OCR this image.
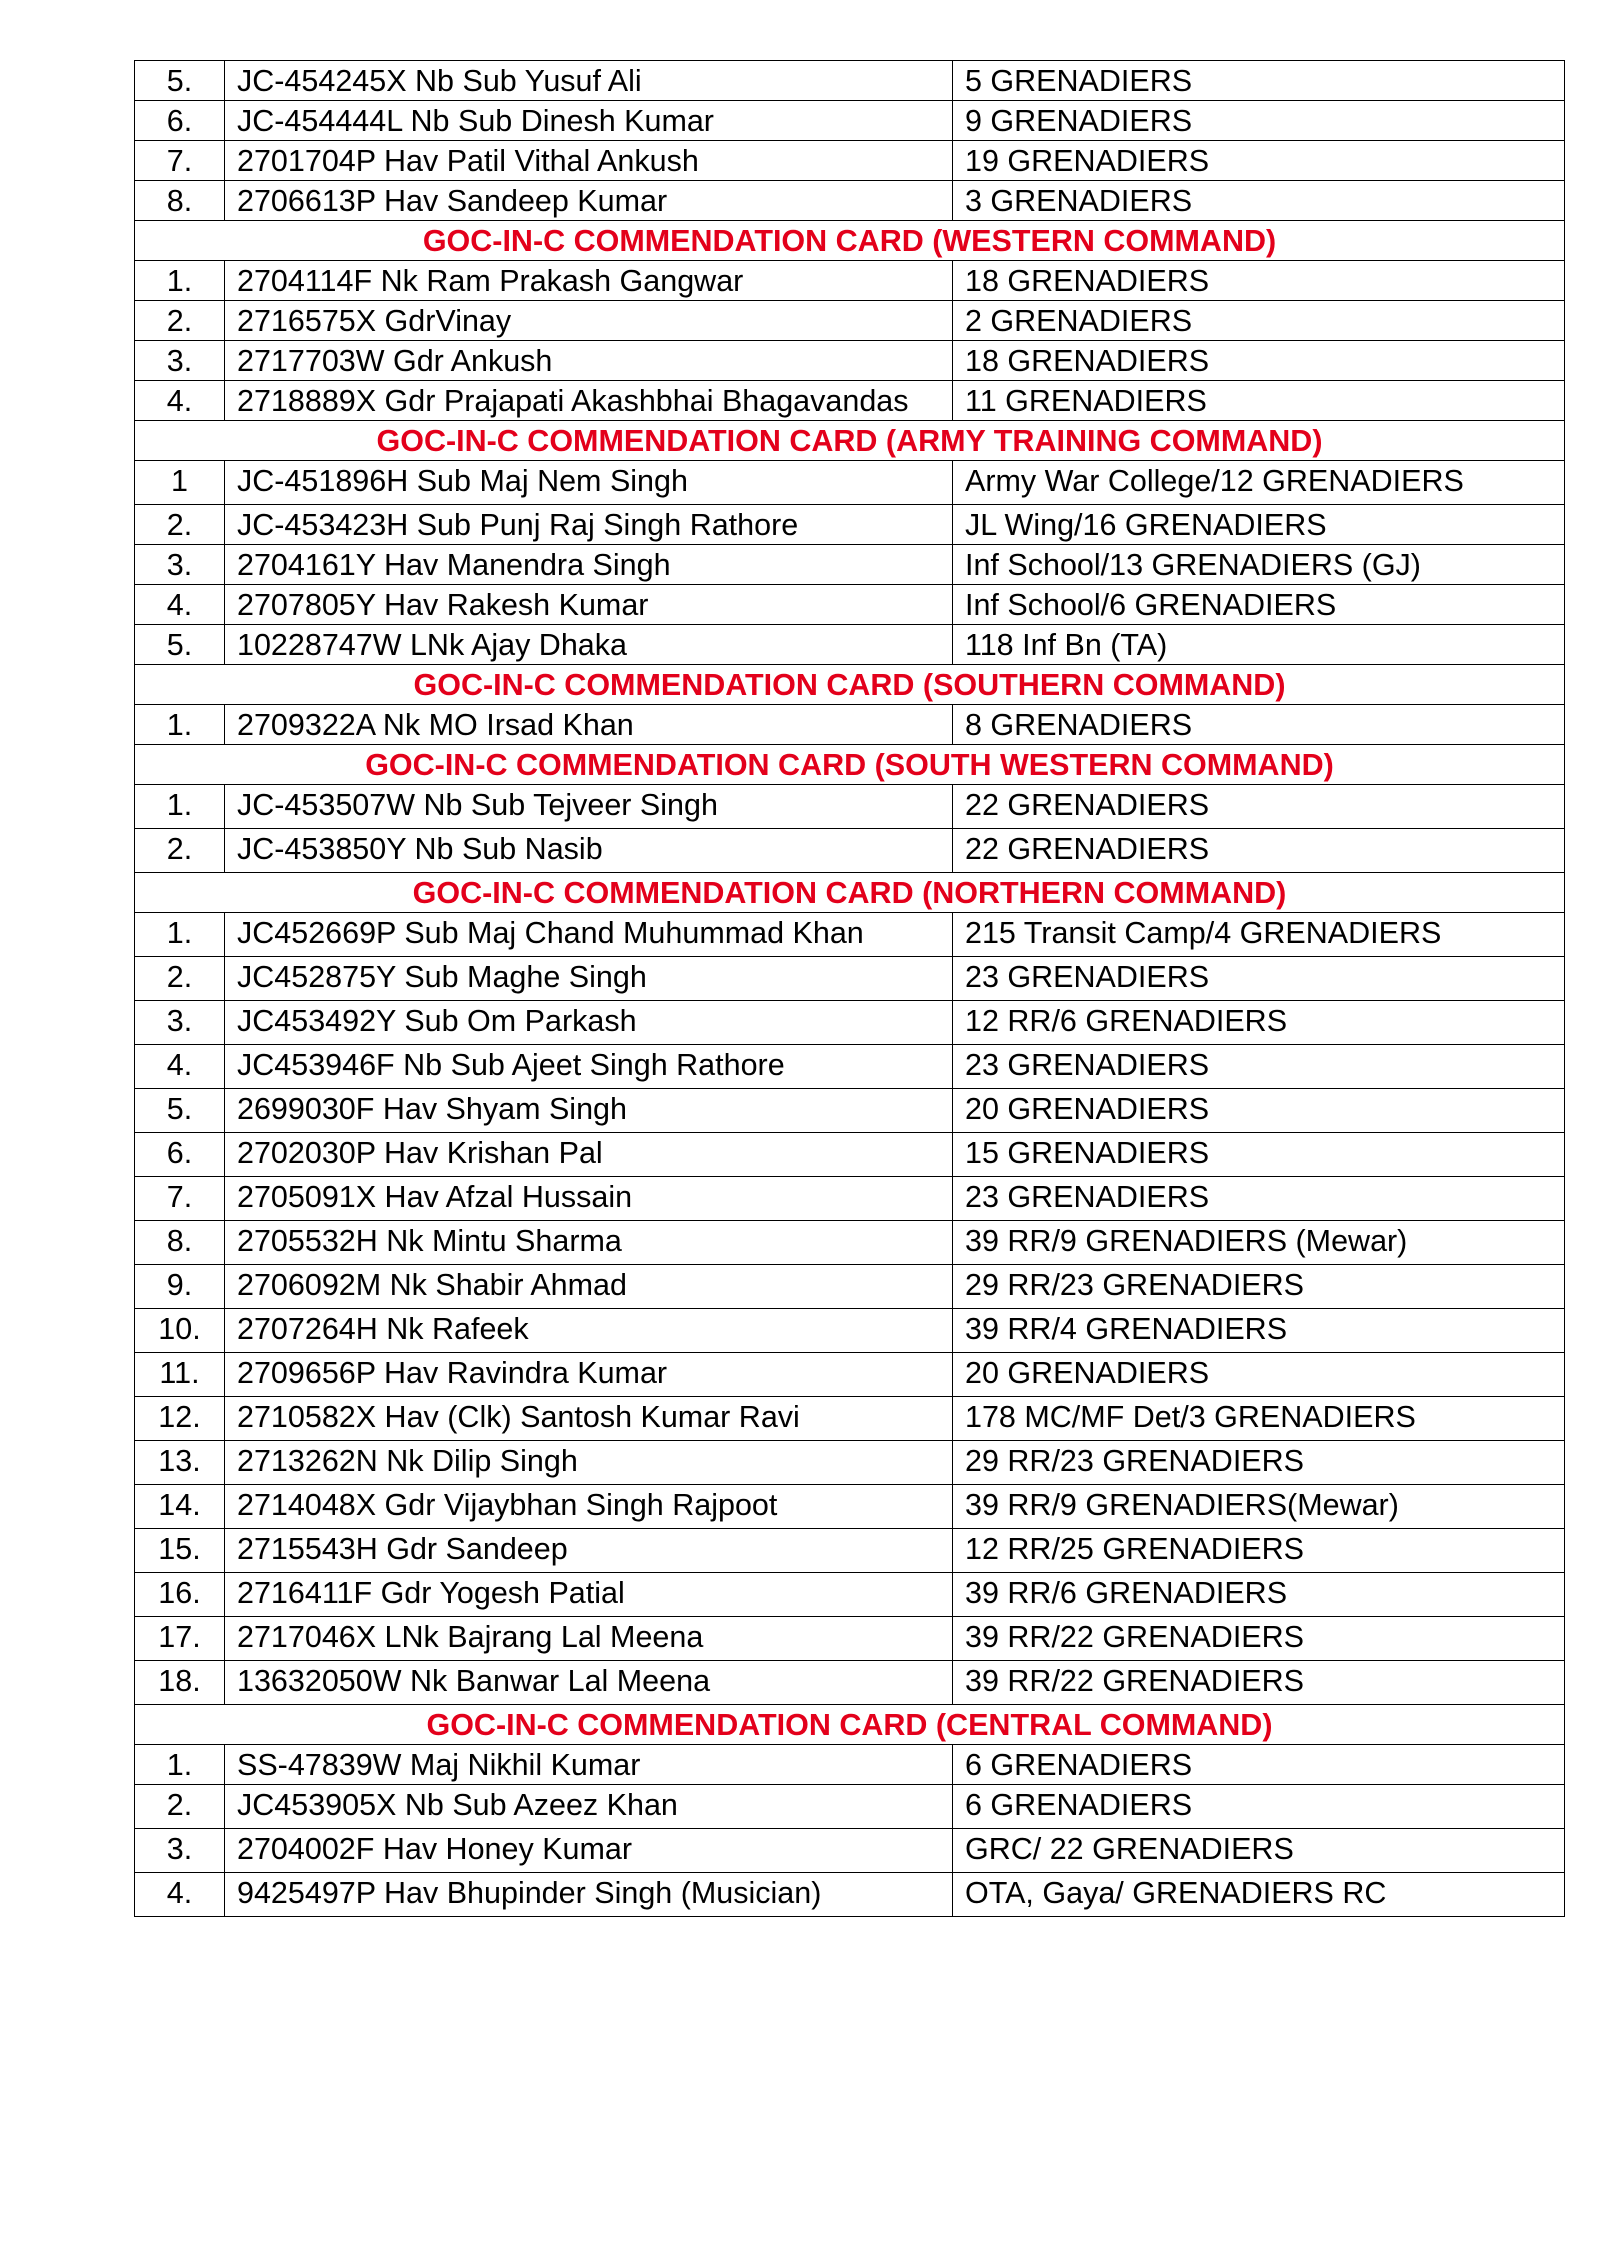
5.	JC-454245X Nb Sub Yusuf Ali	5 GRENADIERS
6.	JC-454444L Nb Sub Dinesh Kumar	9 GRENADIERS
7.	2701704P Hav Patil Vithal Ankush	19 GRENADIERS
8.	2706613P Hav Sandeep Kumar	3 GRENADIERS
GOC-IN-C COMMENDATION CARD (WESTERN COMMAND)		
1.	2704114F Nk Ram Prakash Gangwar	18 GRENADIERS
2.	2716575X GdrVinay	2 GRENADIERS
3.	2717703W Gdr Ankush	18 GRENADIERS
4.	2718889X Gdr Prajapati Akashbhai Bhagavandas	11 GRENADIERS
GOC-IN-C COMMENDATION CARD (ARMY TRAINING COMMAND)		
1	JC-451896H Sub Maj Nem Singh	Army War College/12 GRENADIERS
2.	JC-453423H Sub Punj Raj Singh Rathore	JL Wing/16 GRENADIERS
3.	2704161Y Hav Manendra Singh	Inf School/13 GRENADIERS (GJ)
4.	2707805Y Hav Rakesh Kumar	Inf School/6 GRENADIERS
5.	10228747W LNk Ajay Dhaka	118 Inf Bn (TA)
GOC-IN-C COMMENDATION CARD (SOUTHERN COMMAND)		
1.	2709322A Nk MO Irsad Khan	8 GRENADIERS
GOC-IN-C COMMENDATION CARD (SOUTH WESTERN COMMAND)		
1.	JC-453507W Nb Sub Tejveer Singh	22 GRENADIERS
2.	JC-453850Y Nb Sub Nasib	22 GRENADIERS
GOC-IN-C COMMENDATION CARD (NORTHERN COMMAND)		
1.	JC452669P Sub Maj Chand Muhummad Khan	215 Transit Camp/4 GRENADIERS
2.	JC452875Y Sub Maghe Singh	23 GRENADIERS
3.	JC453492Y Sub Om Parkash	12 RR/6 GRENADIERS
4.	JC453946F Nb Sub Ajeet Singh Rathore	23 GRENADIERS
5.	2699030F Hav Shyam Singh	20 GRENADIERS
6.	2702030P Hav Krishan Pal	15 GRENADIERS
7.	2705091X Hav Afzal Hussain	23 GRENADIERS
8.	2705532H Nk Mintu Sharma	39 RR/9 GRENADIERS (Mewar)
9.	2706092M Nk Shabir Ahmad	29 RR/23 GRENADIERS
10.	2707264H Nk Rafeek	39 RR/4 GRENADIERS
11.	2709656P Hav Ravindra Kumar	20 GRENADIERS
12.	2710582X Hav (Clk) Santosh Kumar Ravi	178 MC/MF Det/3 GRENADIERS
13.	2713262N Nk Dilip Singh	29 RR/23 GRENADIERS
14.	2714048X Gdr Vijaybhan Singh Rajpoot	39 RR/9 GRENADIERS(Mewar)
15.	2715543H Gdr Sandeep	12 RR/25 GRENADIERS
16.	2716411F Gdr Yogesh Patial	39 RR/6 GRENADIERS
17.	2717046X LNk Bajrang Lal Meena	39 RR/22 GRENADIERS
18.	13632050W Nk Banwar Lal Meena	39 RR/22 GRENADIERS
GOC-IN-C COMMENDATION CARD (CENTRAL COMMAND)		
1.	SS-47839W Maj Nikhil Kumar	6 GRENADIERS
2.	JC453905X Nb Sub Azeez Khan	6 GRENADIERS
3.	2704002F Hav Honey Kumar	GRC/ 22 GRENADIERS
4.	9425497P Hav Bhupinder Singh (Musician)	OTA, Gaya/ GRENADIERS RC
